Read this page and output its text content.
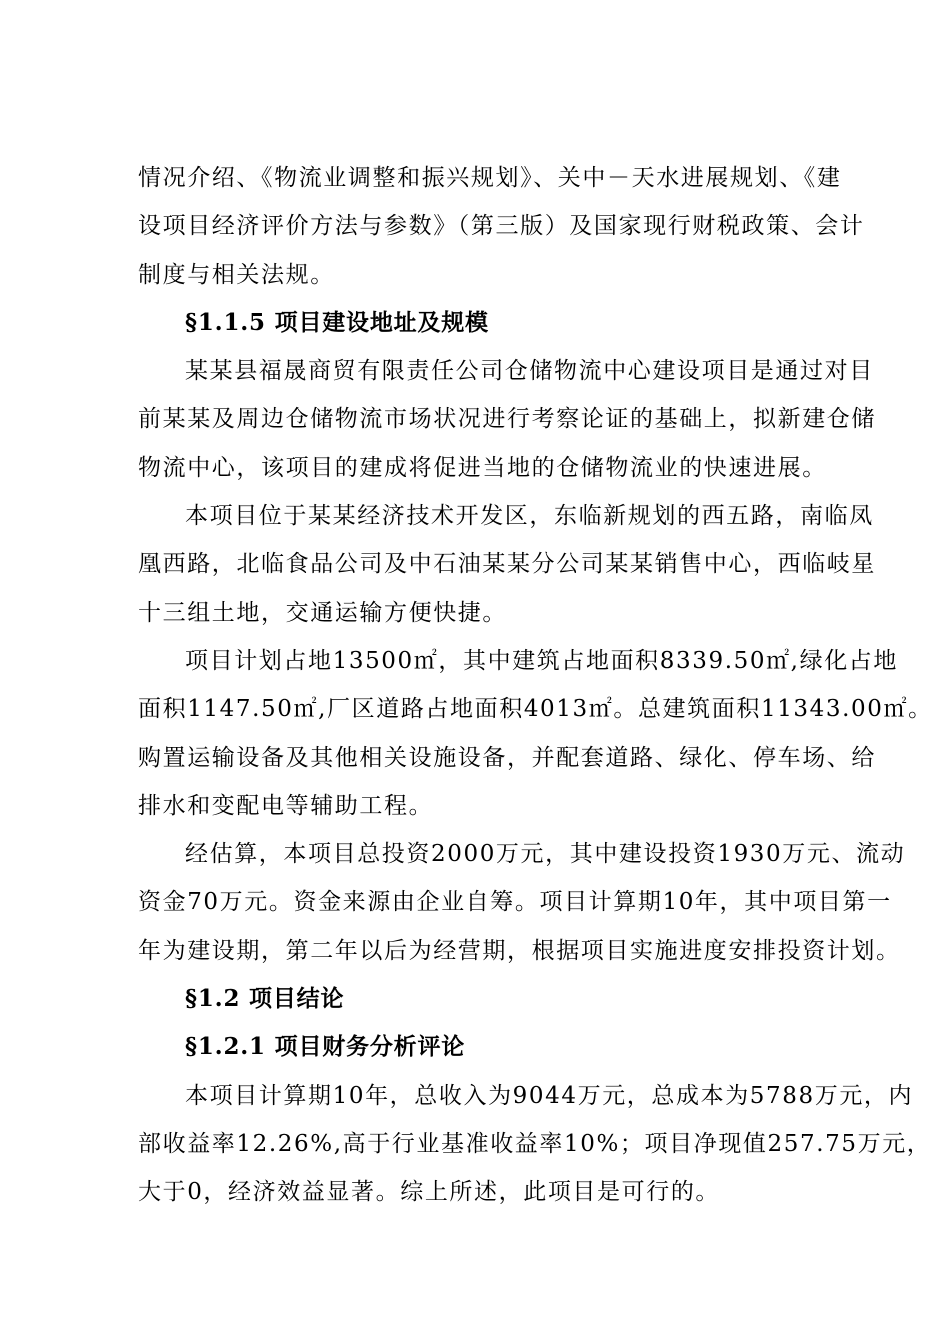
情况介绍、《物流业调整和振兴规划》、关中－天水进展规划、《建
设项目经济评价方法与参数》（第三版）及国家现行财税政策、会计
制度与相关法规。
§1.1.5 项目建设地址及规模
某某县福晟商贸有限责任公司仓储物流中心建设项目是通过对目
前某某及周边仓储物流市场状况进行考察论证的基础上，拟新建仓储
物流中心，该项目的建成将促进当地的仓储物流业的快速进展。
本项目位于某某经济技术开发区，东临新规划的西五路，南临凤
凰西路，北临食品公司及中石油某某分公司某某销售中心，西临岐星
十三组土地，交通运输方便快捷。
项目计划占地13500㎡，其中建筑占地面积8339.50㎡,绿化占地
面积1147.50㎡,厂区道路占地面积4013㎡。总建筑面积11343.00㎡。
购置运输设备及其他相关设施设备，并配套道路、绿化、停车场、给
排水和变配电等辅助工程。
经估算，本项目总投资2000万元，其中建设投资1930万元、流动
资金70万元。资金来源由企业自筹。项目计算期10年，其中项目第一
年为建设期，第二年以后为经营期，根据项目实施进度安排投资计划。
§1.2 项目结论
§1.2.1 项目财务分析评论
本项目计算期10年，总收入为9044万元，总成本为5788万元，内
部收益率12.26%,高于行业基准收益率10%；项目净现值257.75万元，
大于0，经济效益显著。综上所述，此项目是可行的。
